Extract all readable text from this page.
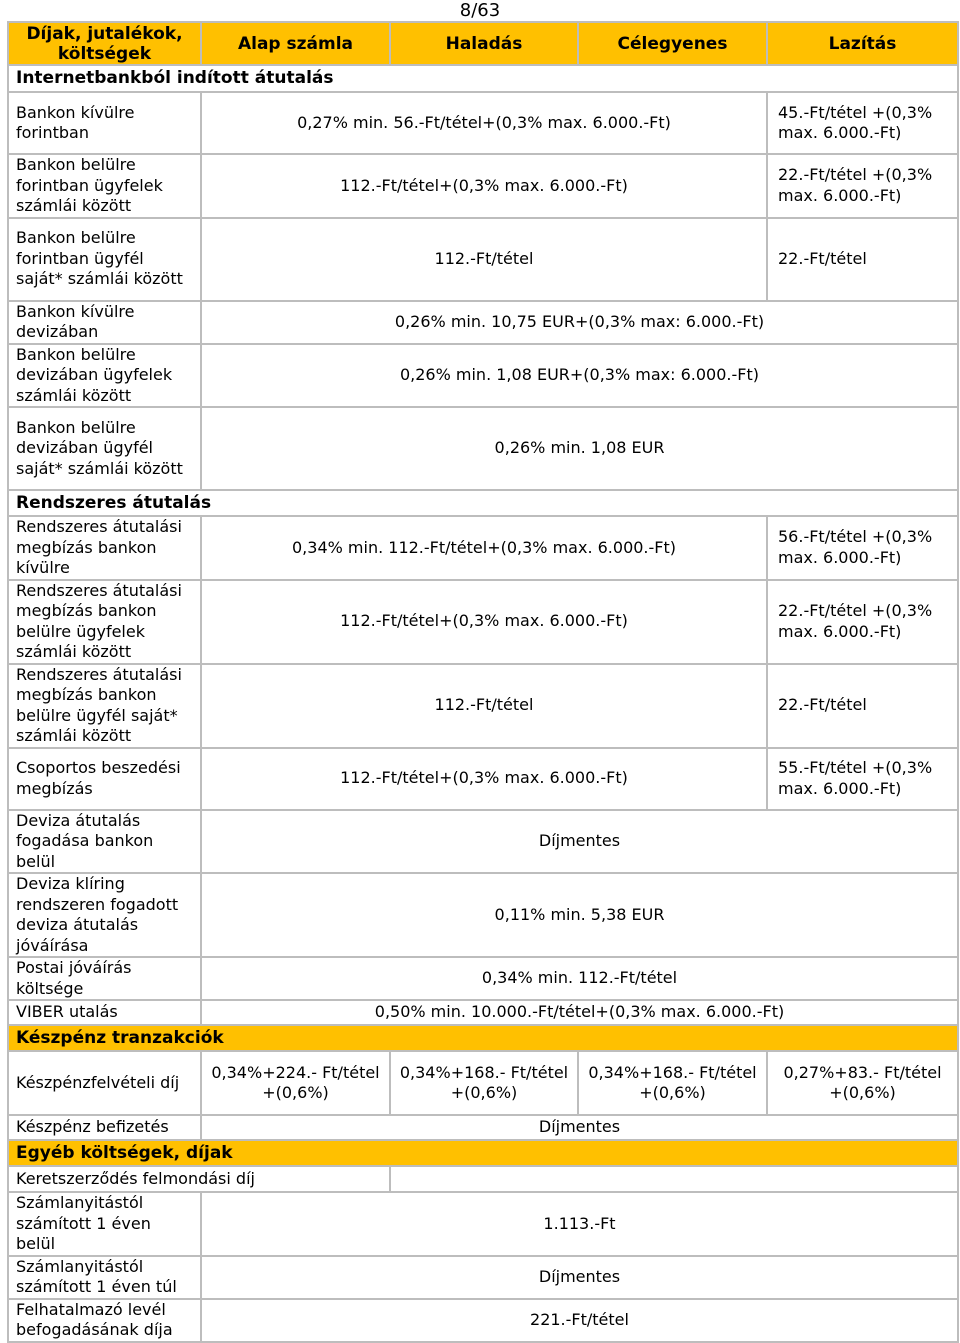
8/63
Díjak, jutalékok, költségek	Alap számla	Haladás	Célegyenes	Lazítás
Internetbankból indított átutalás				
Bankon kívülre forintban	0,27% min. 56.-Ft/tétel+(0,3% max. 6.000.-Ft)			45.-Ft/tétel +(0,3% max. 6.000.-Ft)
Bankon belülre forintban ügyfelek számlái között	112.-Ft/tétel+(0,3% max. 6.000.-Ft)			22.-Ft/tétel +(0,3% max. 6.000.-Ft)
Bankon belülre forintban ügyfél saját* számlái között	112.-Ft/tétel			22.-Ft/tétel
Bankon kívülre devizában	0,26% min. 10,75 EUR+(0,3% max: 6.000.-Ft)			
Bankon belülre devizában ügyfelek számlái között	0,26% min. 1,08 EUR+(0,3% max: 6.000.-Ft)			
Bankon belülre devizában ügyfél saját* számlái között	0,26% min. 1,08 EUR			
Rendszeres átutalás				
Rendszeres átutalási megbízás bankon kívülre	0,34% min. 112.-Ft/tétel+(0,3% max. 6.000.-Ft)			56.-Ft/tétel +(0,3% max. 6.000.-Ft)
Rendszeres átutalási megbízás bankon belülre ügyfelek számlái között	112.-Ft/tétel+(0,3% max. 6.000.-Ft)			22.-Ft/tétel +(0,3% max. 6.000.-Ft)
Rendszeres átutalási megbízás bankon belülre ügyfél saját* számlái között	112.-Ft/tétel			22.-Ft/tétel
Csoportos beszedési megbízás	112.-Ft/tétel+(0,3% max. 6.000.-Ft)			55.-Ft/tétel +(0,3% max. 6.000.-Ft)
Deviza átutalás fogadása bankon belül	Díjmentes			
Deviza klíring rendszeren fogadott deviza átutalás jóváírása	0,11% min. 5,38 EUR			
Postai jóváírás költsége	0,34% min. 112.-Ft/tétel			
VIBER utalás	0,50% min. 10.000.-Ft/tétel+(0,3% max. 6.000.-Ft)			
Készpénz tranzakciók				
Készpénzfelvételi díj	0,34%+224.- Ft/tétel +(0,6%)	0,34%+168.- Ft/tétel +(0,6%)	0,34%+168.- Ft/tétel +(0,6%)	0,27%+83.- Ft/tétel +(0,6%)
Készpénz befizetés	Díjmentes			
Egyéb költségek, díjak				
Keretszerződés felmondási díj				
Számlanyitástól számított 1 éven belül	1.113.-Ft			
Számlanyitástól számított 1 éven túl	Díjmentes			
Felhatalmazó levél befogadásának díja	221.-Ft/tétel			
